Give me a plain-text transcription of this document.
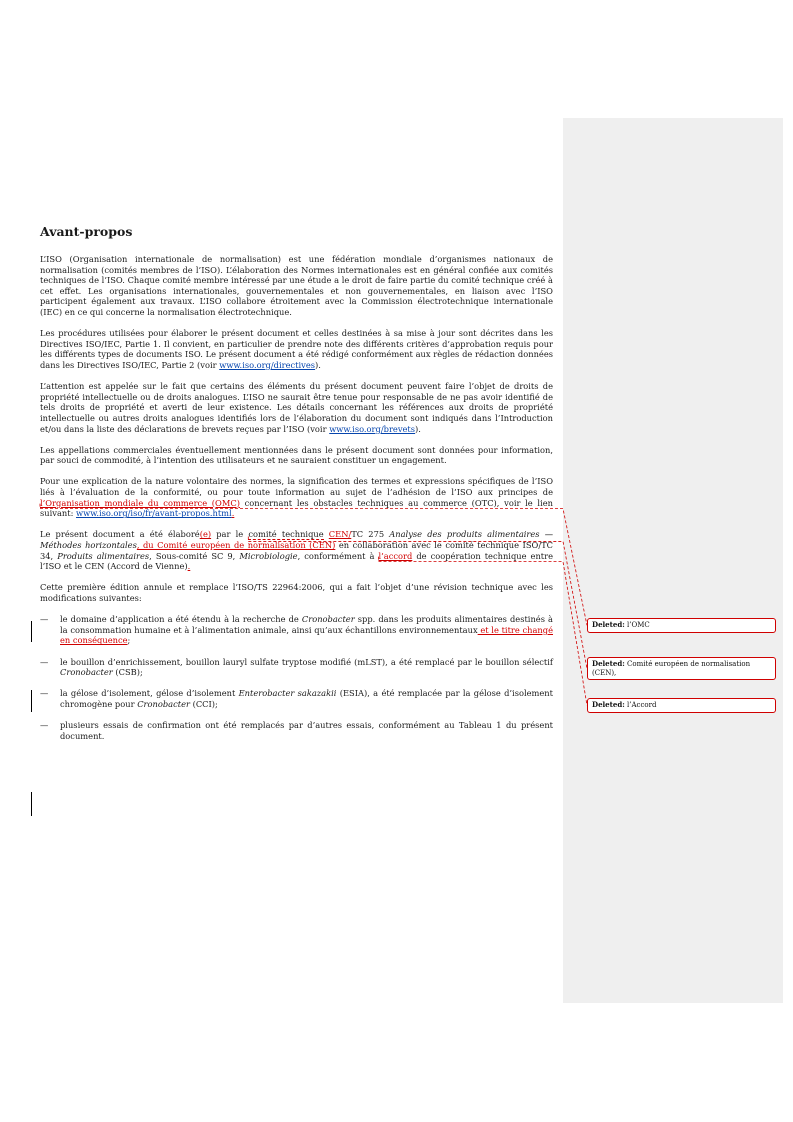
Avant-propos

L’ISO (Organisation internationale de normalisation) est une fédération mondiale d’organismes nationaux de normalisation (comités membres de l’ISO). L’élaboration des Normes internationales est en général confiée aux comités techniques de l’ISO. Chaque comité membre intéressé par une étude a le droit de faire partie du comité technique créé à cet effet. Les organisations internationales, gouvernementales et non gouvernementales, en liaison avec l’ISO participent également aux travaux. L’ISO collabore étroitement avec la Commission électrotechnique internationale (IEC) en ce qui concerne la normalisation électrotechnique.

Les procédures utilisées pour élaborer le présent document et celles destinées à sa mise à jour sont décrites dans les Directives ISO/IEC, Partie 1. Il convient, en particulier de prendre note des différents critères d’approbation requis pour les différents types de documents ISO. Le présent document a été rédigé conformément aux règles de rédaction données dans les Directives ISO/IEC, Partie 2 (voir www.iso.org/directives).

L’attention est appelée sur le fait que certains des éléments du présent document peuvent faire l’objet de droits de propriété intellectuelle ou de droits analogues. L’ISO ne saurait être tenue pour responsable de ne pas avoir identifié de tels droits de propriété et averti de leur existence. Les détails concernant les références aux droits de propriété intellectuelle ou autres droits analogues identifiés lors de l’élaboration du document sont indiqués dans l’Introduction et/ou dans la liste des déclarations de brevets reçues par l’ISO (voir www.iso.org/brevets).

Les appellations commerciales éventuellement mentionnées dans le présent document sont données pour information, par souci de commodité, à l’intention des utilisateurs et ne sauraient constituer un engagement.

Pour une explication de la nature volontaire des normes, la signification des termes et expressions spécifiques de l’ISO liés à l’évaluation de la conformité, ou pour toute information au sujet de l’adhésion de l’ISO aux principes de l’Organisation mondiale du commerce (OMC) concernant les obstacles techniques au commerce (OTC), voir le lien suivant: www.iso.org/iso/fr/avant-propos.html.

Le présent document a été élaboré(e) par le comité technique CEN/TC 275 Analyse des produits alimentaires — Méthodes horizontales, du Comité européen de normalisation (CEN) en collaboration avec le comité technique ISO/TC 34, Produits alimentaires, Sous-comité SC 9, Microbiologie, conformément à l’accord de coopération technique entre l’ISO et le CEN (Accord de Vienne).

Cette première édition annule et remplace l’ISO/TS 22964:2006, qui a fait l’objet d’une révision technique avec les modifications suivantes:

— le domaine d’application a été étendu à la recherche de Cronobacter spp. dans les produits alimentaires destinés à la consommation humaine et à l’alimentation animale, ainsi qu’aux échantillons environnementaux et le titre changé en conséquence;
— le bouillon d’enrichissement, bouillon lauryl sulfate tryptose modifié (mLST), a été remplacé par le bouillon sélectif Cronobacter (CSB);
— la gélose d’isolement, gélose d’isolement Enterobacter sakazakii (ESIA), a été remplacée par la gélose d’isolement chromogène pour Cronobacter (CCI);
— plusieurs essais de confirmation ont été remplacés par d’autres essais, conformément au Tableau 1 du présent document.
Deleted: l’OMC
Deleted: Comité européen de normalisation (CEN),
Deleted: l’Accord
